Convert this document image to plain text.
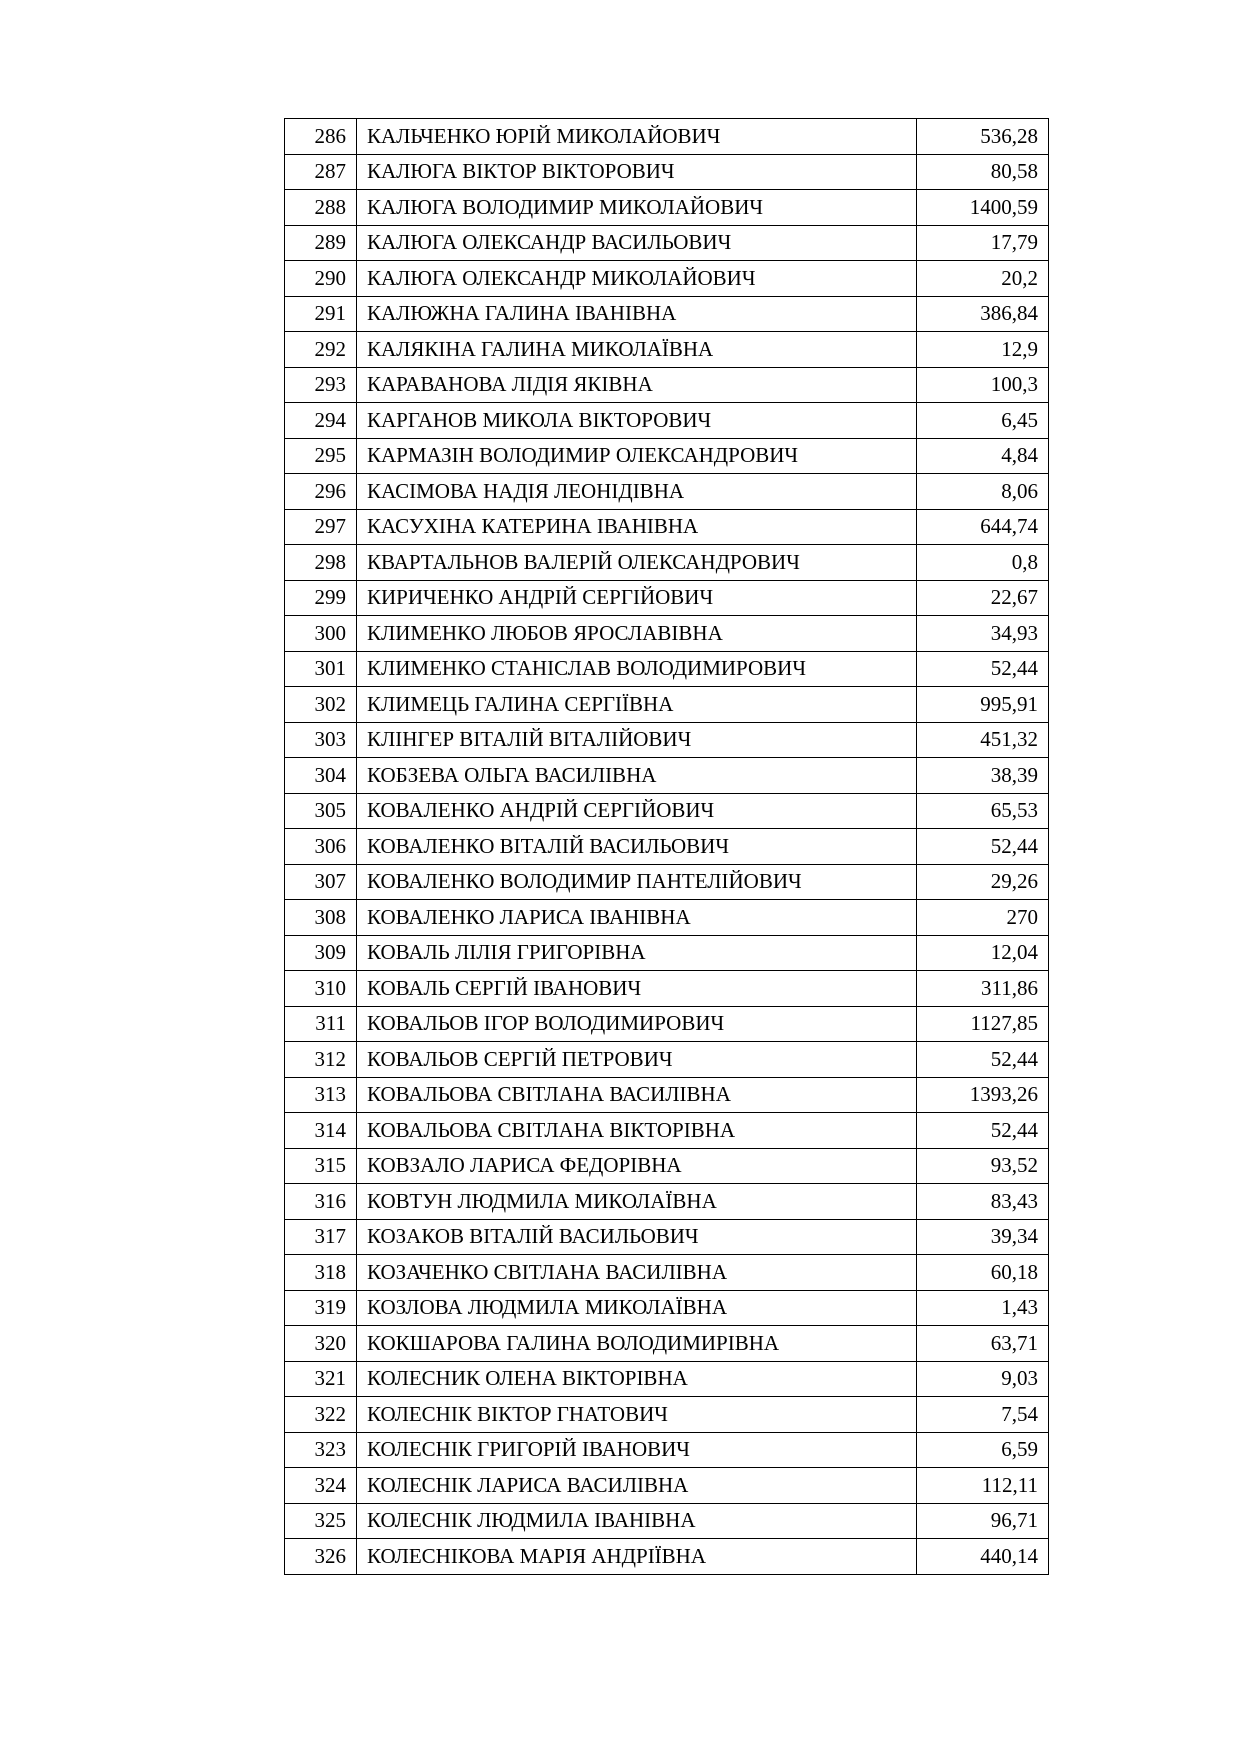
286	КАЛЬЧЕНКО ЮРІЙ МИКОЛАЙОВИЧ	536,28
287	КАЛЮГА ВІКТОР ВІКТОРОВИЧ	80,58
288	КАЛЮГА ВОЛОДИМИР МИКОЛАЙОВИЧ	1400,59
289	КАЛЮГА ОЛЕКСАНДР ВАСИЛЬОВИЧ	17,79
290	КАЛЮГА ОЛЕКСАНДР МИКОЛАЙОВИЧ	20,2
291	КАЛЮЖНА ГАЛИНА ІВАНІВНА	386,84
292	КАЛЯКІНА ГАЛИНА МИКОЛАЇВНА	12,9
293	КАРАВАНОВА ЛІДІЯ ЯКІВНА	100,3
294	КАРГАНОВ МИКОЛА ВІКТОРОВИЧ	6,45
295	КАРМАЗІН ВОЛОДИМИР ОЛЕКСАНДРОВИЧ	4,84
296	КАСІМОВА НАДІЯ ЛЕОНІДІВНА	8,06
297	КАСУХІНА КАТЕРИНА ІВАНІВНА	644,74
298	КВАРТАЛЬНОВ ВАЛЕРІЙ ОЛЕКСАНДРОВИЧ	0,8
299	КИРИЧЕНКО АНДРІЙ СЕРГІЙОВИЧ	22,67
300	КЛИМЕНКО ЛЮБОВ ЯРОСЛАВІВНА	34,93
301	КЛИМЕНКО СТАНІСЛАВ ВОЛОДИМИРОВИЧ	52,44
302	КЛИМЕЦЬ ГАЛИНА СЕРГІЇВНА	995,91
303	КЛІНГЕР ВІТАЛІЙ ВІТАЛІЙОВИЧ	451,32
304	КОБЗЕВА ОЛЬГА ВАСИЛІВНА	38,39
305	КОВАЛЕНКО АНДРІЙ СЕРГІЙОВИЧ	65,53
306	КОВАЛЕНКО ВІТАЛІЙ ВАСИЛЬОВИЧ	52,44
307	КОВАЛЕНКО ВОЛОДИМИР ПАНТЕЛІЙОВИЧ	29,26
308	КОВАЛЕНКО ЛАРИСА ІВАНІВНА	270
309	КОВАЛЬ ЛІЛІЯ ГРИГОРІВНА	12,04
310	КОВАЛЬ СЕРГІЙ ІВАНОВИЧ	311,86
311	КОВАЛЬОВ ІГОР ВОЛОДИМИРОВИЧ	1127,85
312	КОВАЛЬОВ СЕРГІЙ ПЕТРОВИЧ	52,44
313	КОВАЛЬОВА СВІТЛАНА ВАСИЛІВНА	1393,26
314	КОВАЛЬОВА СВІТЛАНА ВІКТОРІВНА	52,44
315	КОВЗАЛО ЛАРИСА ФЕДОРІВНА	93,52
316	КОВТУН ЛЮДМИЛА МИКОЛАЇВНА	83,43
317	КОЗАКОВ ВІТАЛІЙ ВАСИЛЬОВИЧ	39,34
318	КОЗАЧЕНКО СВІТЛАНА ВАСИЛІВНА	60,18
319	КОЗЛОВА ЛЮДМИЛА МИКОЛАЇВНА	1,43
320	КОКШАРОВА ГАЛИНА ВОЛОДИМИРІВНА	63,71
321	КОЛЕСНИК ОЛЕНА ВІКТОРІВНА	9,03
322	КОЛЕСНІК ВІКТОР ГНАТОВИЧ	7,54
323	КОЛЕСНІК ГРИГОРІЙ ІВАНОВИЧ	6,59
324	КОЛЕСНІК ЛАРИСА ВАСИЛІВНА	112,11
325	КОЛЕСНІК ЛЮДМИЛА ІВАНІВНА	96,71
326	КОЛЕСНІКОВА МАРІЯ АНДРІЇВНА	440,14
